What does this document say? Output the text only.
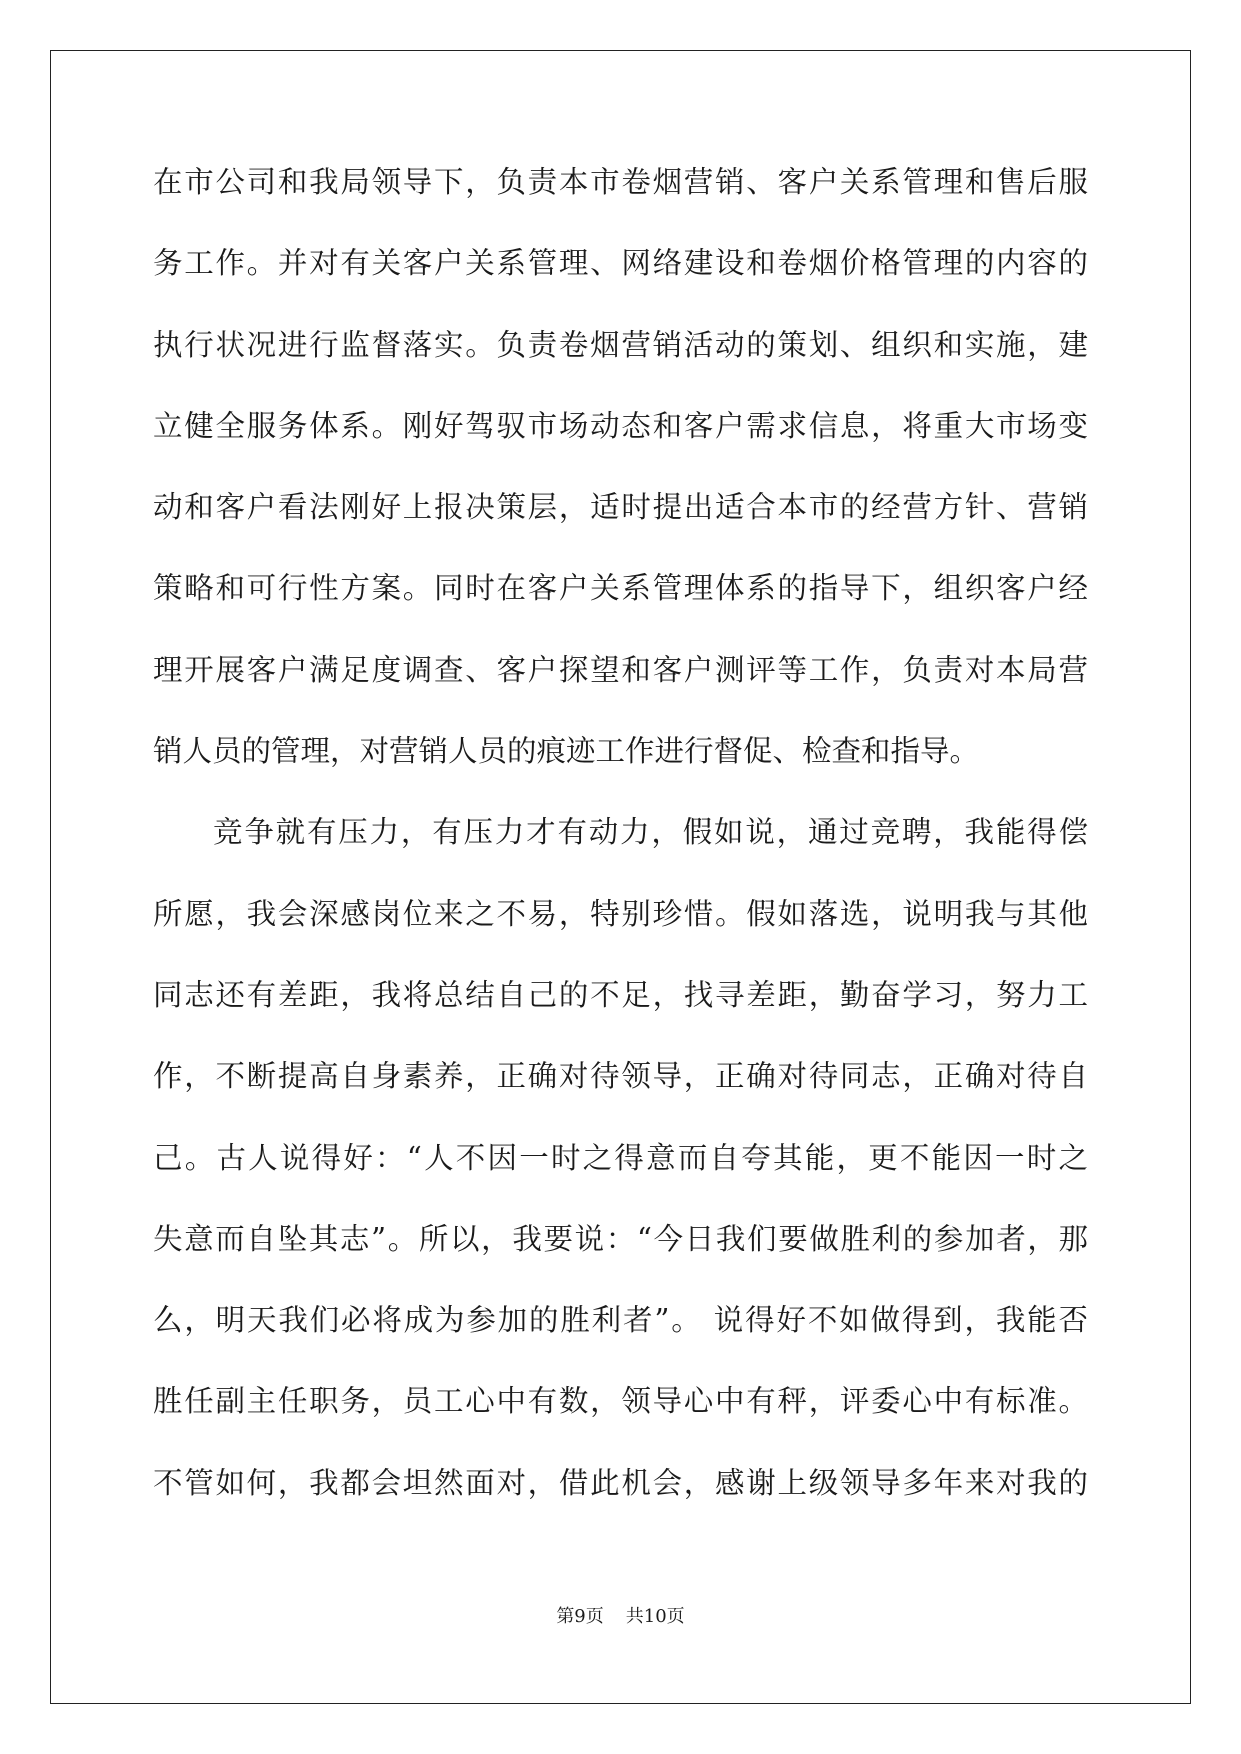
在市公司和我局领导下，负责本市卷烟营销、客户关系管理和售后服
务工作。并对有关客户关系管理、网络建设和卷烟价格管理的内容的
执行状况进行监督落实。负责卷烟营销活动的策划、组织和实施，建
立健全服务体系。刚好驾驭市场动态和客户需求信息，将重大市场变
动和客户看法刚好上报决策层，适时提出适合本市的经营方针、营销
策略和可行性方案。同时在客户关系管理体系的指导下，组织客户经
理开展客户满足度调查、客户探望和客户测评等工作，负责对本局营
销人员的管理，对营销人员的痕迹工作进行督促、检查和指导。
竞争就有压力，有压力才有动力，假如说，通过竞聘，我能得偿
所愿，我会深感岗位来之不易，特别珍惜。假如落选，说明我与其他
同志还有差距，我将总结自己的不足，找寻差距，勤奋学习，努力工
作，不断提高自身素养，正确对待领导，正确对待同志，正确对待自
己。古人说得好：“人不因一时之得意而自夸其能，更不能因一时之
失意而自坠其志”。所以，我要说：“今日我们要做胜利的参加者，那
么，明天我们必将成为参加的胜利者”。 说得好不如做得到，我能否
胜任副主任职务，员工心中有数，领导心中有秤，评委心中有标准。
不管如何，我都会坦然面对，借此机会，感谢上级领导多年来对我的
第9页 共10页
